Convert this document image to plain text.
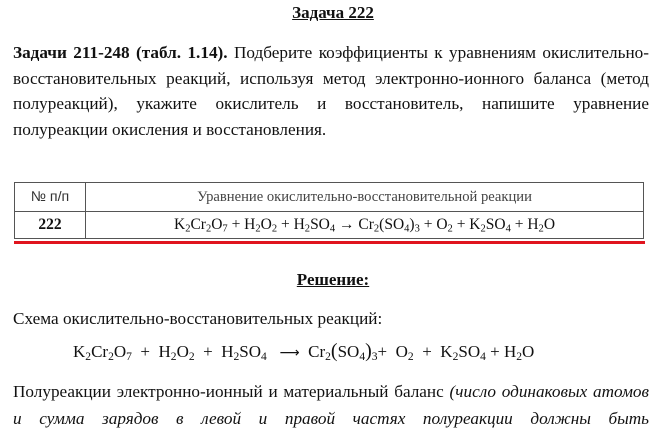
Задача 222
Задачи 211-248 (табл. 1.14). Подберите коэффициенты к уравнениям окислительно-восстановительных реакций, используя метод электронно-ионного баланса (метод полуреакций), укажите окислитель и восстановитель, напишите уравнение полуреакции окисления и восстановления.
№ п/п	Уравнение окислительно-восстановительной реакции
222	$K_2Cr_2O_7 + H_2O_2 + H_2SO_4 \to Cr_2(SO_4)_3 + O_2 + K_2SO_4 + H_2O$
Решение:
Схема окислительно-восстановительных реакций:
$K_2Cr_2O_7 + H_2O_2 + H_2SO_4$ ⟶  $Cr_2(SO_4)_3+ O_2 + K_2SO_4 + H_2O$
Полуреакции электронно-ионный и материальный баланс (число одинаковых атомов и сумма зарядов в левой и правой частях полуреакции должны быть
